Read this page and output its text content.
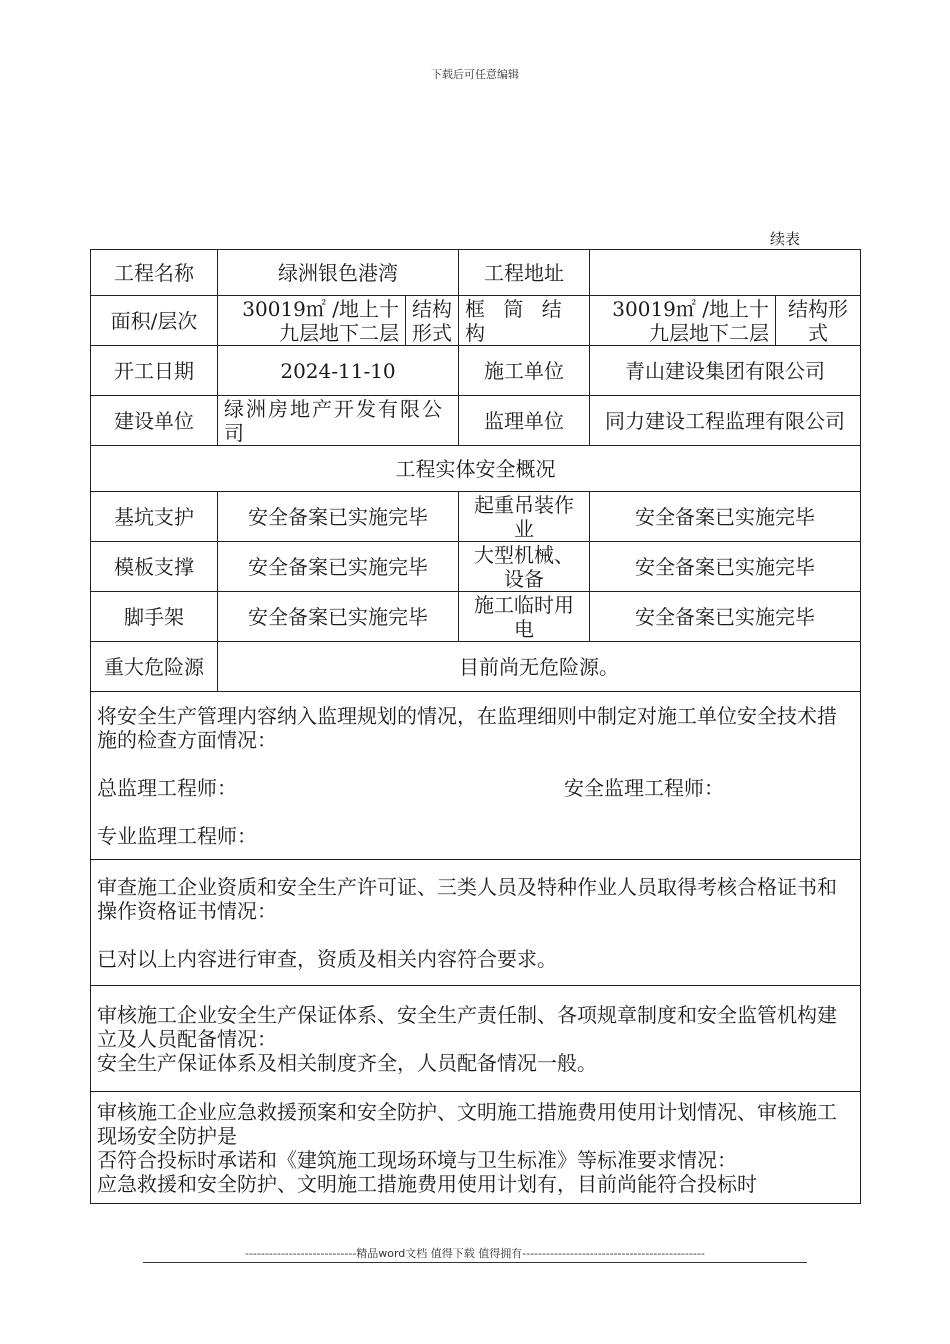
下载后可任意编辑
续表
工程名称	绿洲银色港湾		工程地址		
面积/层次	30019㎡ /地上十九层地下二层	结构形式	框 筒 结构	30019㎡ /地上十九层地下二层	结构形式
开工日期	2024-11-10		施工单位	青山建设集团有限公司	
建设单位	绿洲房地产开发有限公司		监理单位	同力建设工程监理有限公司	
工程实体安全概况					
基坑支护	安全备案已实施完毕		起重吊装作业	安全备案已实施完毕	
模板支撑	安全备案已实施完毕		大型机械、设备	安全备案已实施完毕	
脚手架	安全备案已实施完毕		施工临时用电	安全备案已实施完毕	
重大危险源	目前尚无危险源。				

将安全生产管理内容纳入监理规划的情况，在监理细则中制定对施工单位安全技术措施的检查方面情况：
总监理工程师： 安全监理工程师：
专业监理工程师：					

审查施工企业资质和安全生产许可证、三类人员及特种作业人员取得考核合格证书和操作资格证书情况：
已对以上内容进行审查，资质及相关内容符合要求。					

审核施工企业安全生产保证体系、安全生产责任制、各项规章制度和安全监管机构建立及人员配备情况：
安全生产保证体系及相关制度齐全，人员配备情况一般。					

审核施工企业应急救援预案和安全防护、文明施工措施费用使用计划情况、审核施工现场安全防护是
否符合投标时承诺和《建筑施工现场环境与卫生标准》等标准要求情况：
应急救援和安全防护、文明施工措施费用使用计划有，目前尚能符合投标时					
----------------------------精品word文档 值得下载 值得拥有----------------------------------------------
